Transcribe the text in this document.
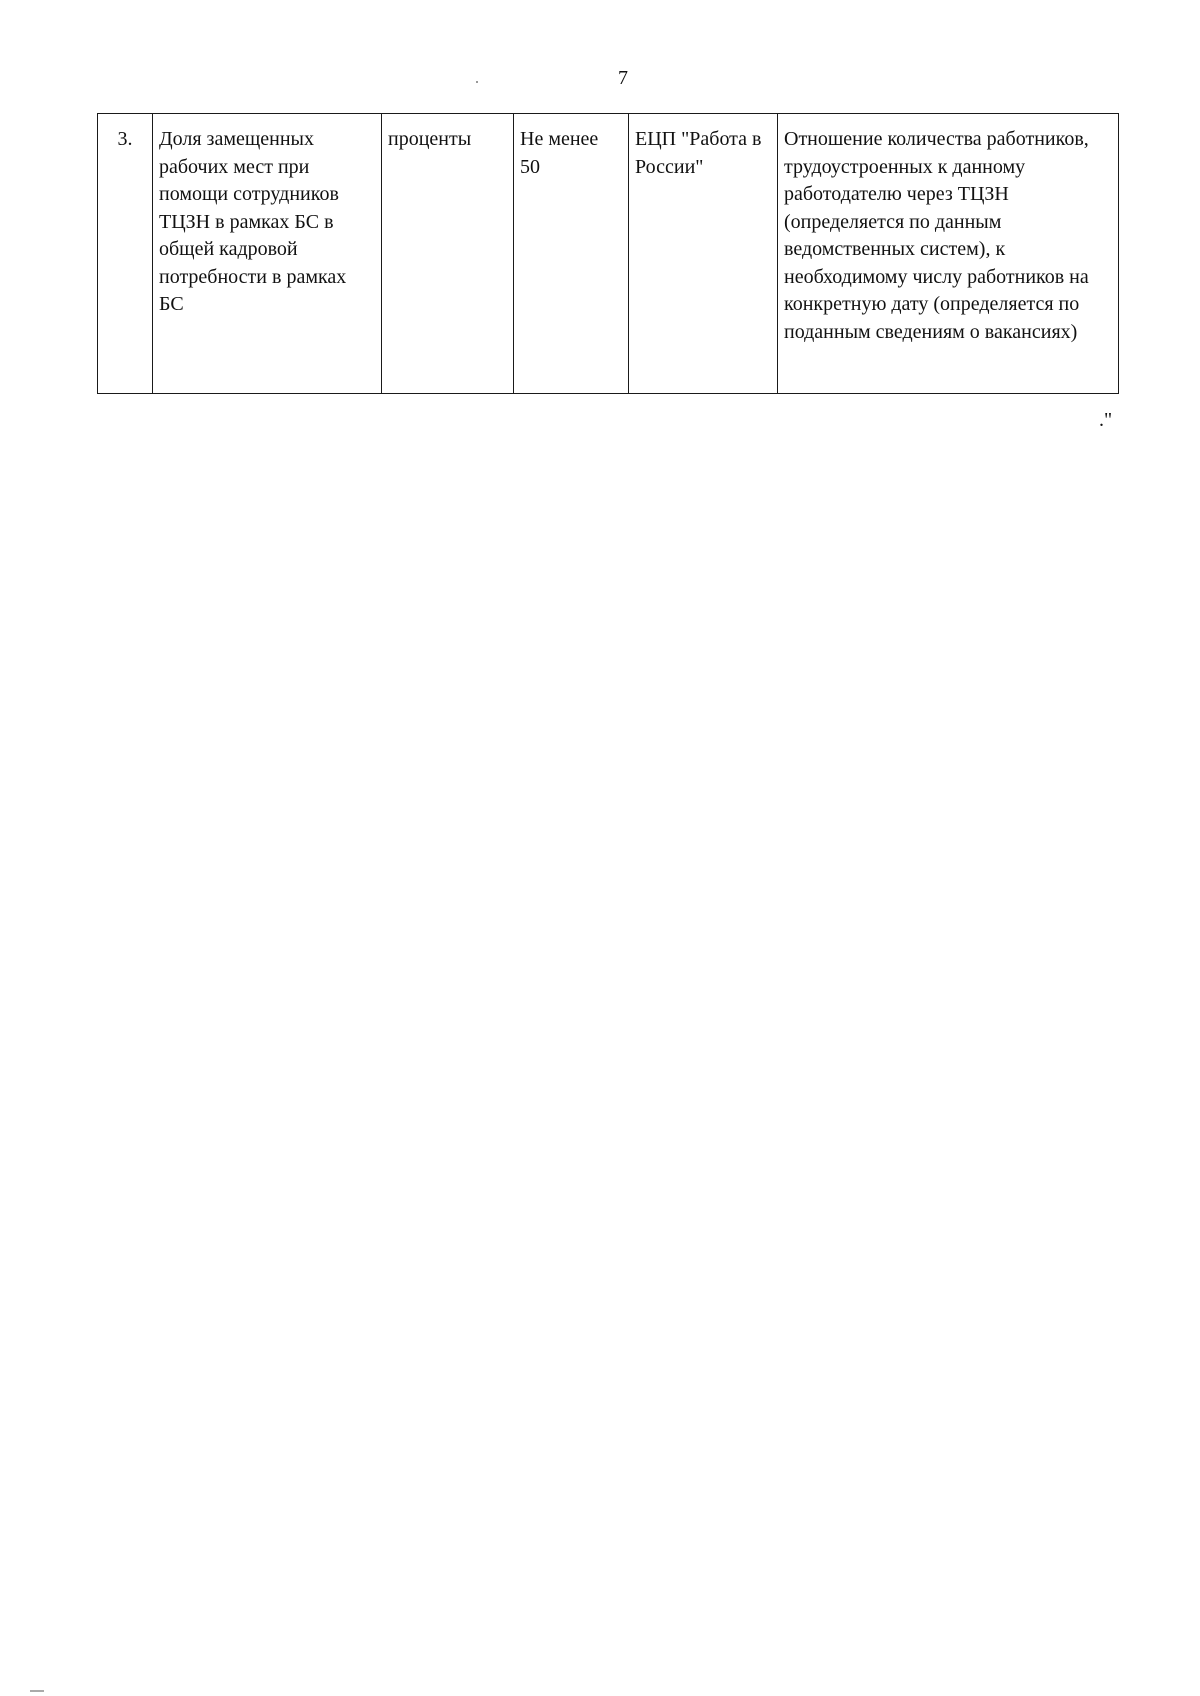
7
3.	Доля замещенных рабочих мест при помощи сотрудников ТЦЗН в рамках БС в общей кадровой потребности в рамках БС	проценты	Не менее 50	ЕЦП "Работа в России"	Отношение количества работников, трудоустроенных к данному работодателю через ТЦЗН (определяется по данным ведомственных систем), к необходимому числу работников на конкретную дату (определяется по поданным сведениям о вакансиях)
."
